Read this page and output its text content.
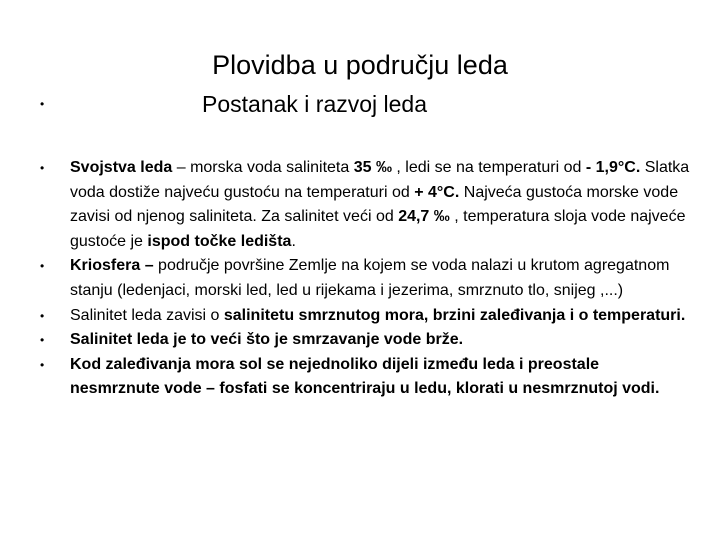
Plovidba u području leda
•	Postanak i razvoj leda
•	Svojstva leda – morska voda saliniteta 35 ‰ , ledi se na temperaturi od - 1,9°C. Slatka voda dostiže najveću gustoću na temperaturi od + 4°C. Najveća gustoća morske vode zavisi od njenog saliniteta. Za salinitet veći od 24,7 ‰ , temperatura sloja vode najveće gustoće je ispod točke ledišta.
•	Kriosfera – područje površine Zemlje na kojem se voda nalazi u krutom agregatnom stanju (ledenjaci, morski led, led u rijekama i jezerima, smrznuto tlo, snijeg ,...)
•	Salinitet leda zavisi o salinitetu smrznutog mora, brzini zaleđivanja i o temperaturi.
•	Salinitet leda je to veći što je smrzavanje vode brže.
•	Kod zaleđivanja mora sol se nejednoliko dijeli između leda i preostale nesmrznute vode – fosfati se koncentriraju u ledu, klorati u nesmrznutoj vodi.
